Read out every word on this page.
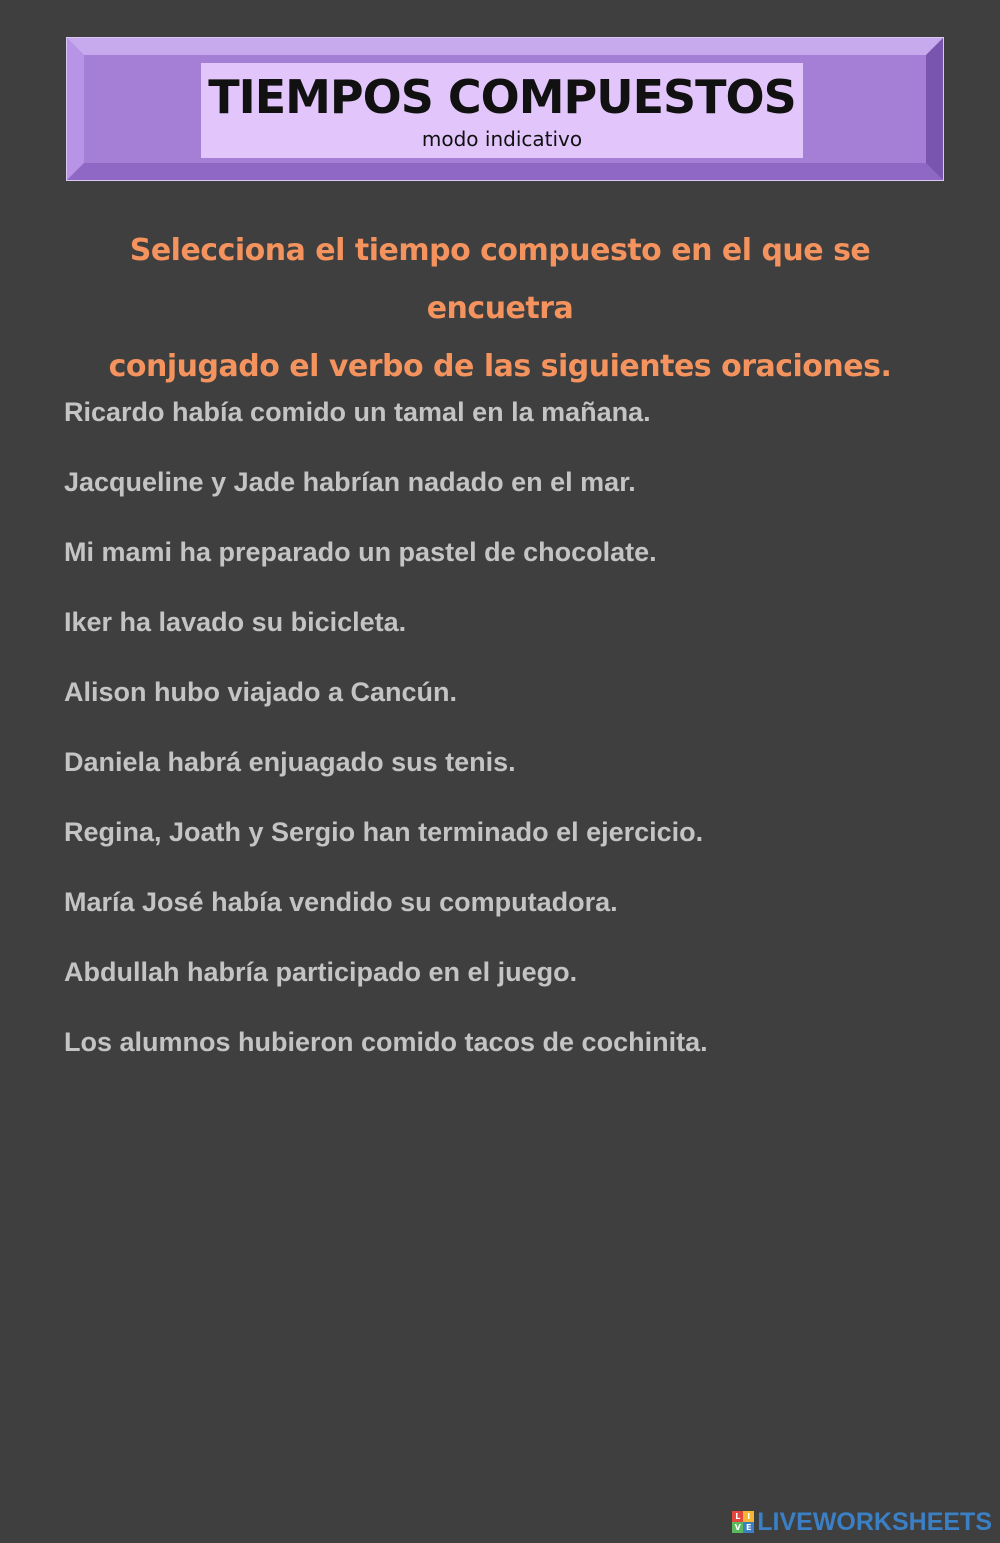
TIEMPOS COMPUESTOS
modo indicativo
Selecciona el tiempo compuesto en el que se encuetra
conjugado el verbo de las siguientes oraciones.
Ricardo había comido un tamal en la mañana.
Jacqueline y Jade habrían nadado en el mar.
Mi mami ha preparado un pastel de chocolate.
Iker ha lavado su bicicleta.
Alison hubo viajado a Cancún.
Daniela habrá enjuagado sus tenis.
Regina, Joath y Sergio han terminado el ejercicio.
María José había vendido su computadora.
Abdullah habría participado en el juego.
Los alumnos hubieron comido tacos de cochinita.
L I
V E LIVEWORKSHEETS
